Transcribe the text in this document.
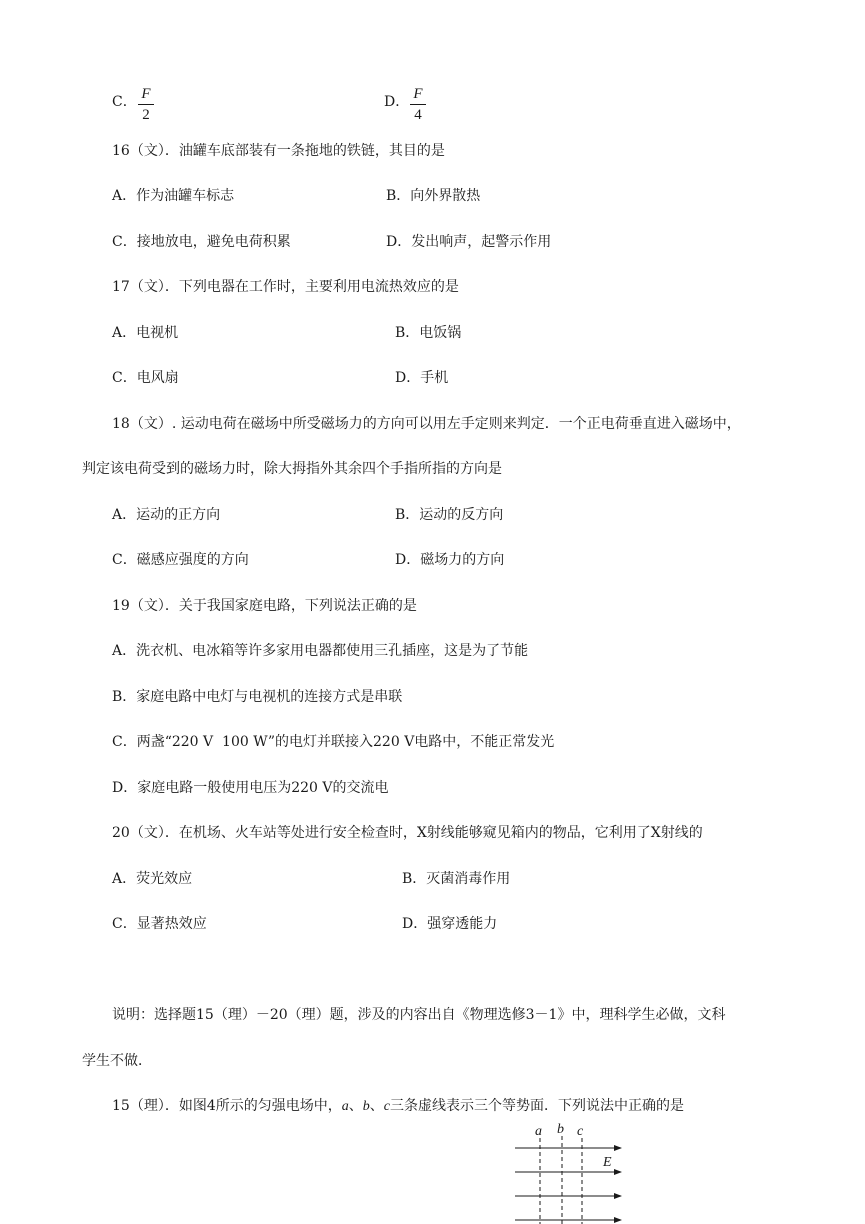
C． F
2
D． F
4
16（文）．油罐车底部装有一条拖地的铁链，其目的是
A．作为油罐车标志	B．向外界散热
C．接地放电，避免电荷积累	D．发出响声，起警示作用
17（文）．下列电器在工作时，主要利用电流热效应的是
A．电视机	B．电饭锅
C．电风扇	D．手机
18（文）. 运动电荷在磁场中所受磁场力的方向可以用左手定则来判定．一个正电荷垂直进入磁场中，
判定该电荷受到的磁场力时，除大拇指外其余四个手指所指的方向是
A．运动的正方向	B．运动的反方向
C．磁感应强度的方向	D．磁场力的方向
19（文）．关于我国家庭电路，下列说法正确的是
A．洗衣机、电冰箱等许多家用电器都使用三孔插座，这是为了节能
B．家庭电路中电灯与电视机的连接方式是串联
C．两盏“220 V  100 W”的电灯并联接入220 V电路中，不能正常发光
D．家庭电路一般使用电压为220 V的交流电
20（文）．在机场、火车站等处进行安全检查时，X射线能够窥见箱内的物品，它利用了X射线的
A．荧光效应	B．灭菌消毒作用
C．显著热效应	D．强穿透能力
说明：选择题15（理）－20（理）题，涉及的内容出自《物理选修3－1》中，理科学生必做，文科
学生不做．
15（理）．如图4所示的匀强电场中，a、b、c三条虚线表示三个等势面．下列说法中正确的是
a b c
E
